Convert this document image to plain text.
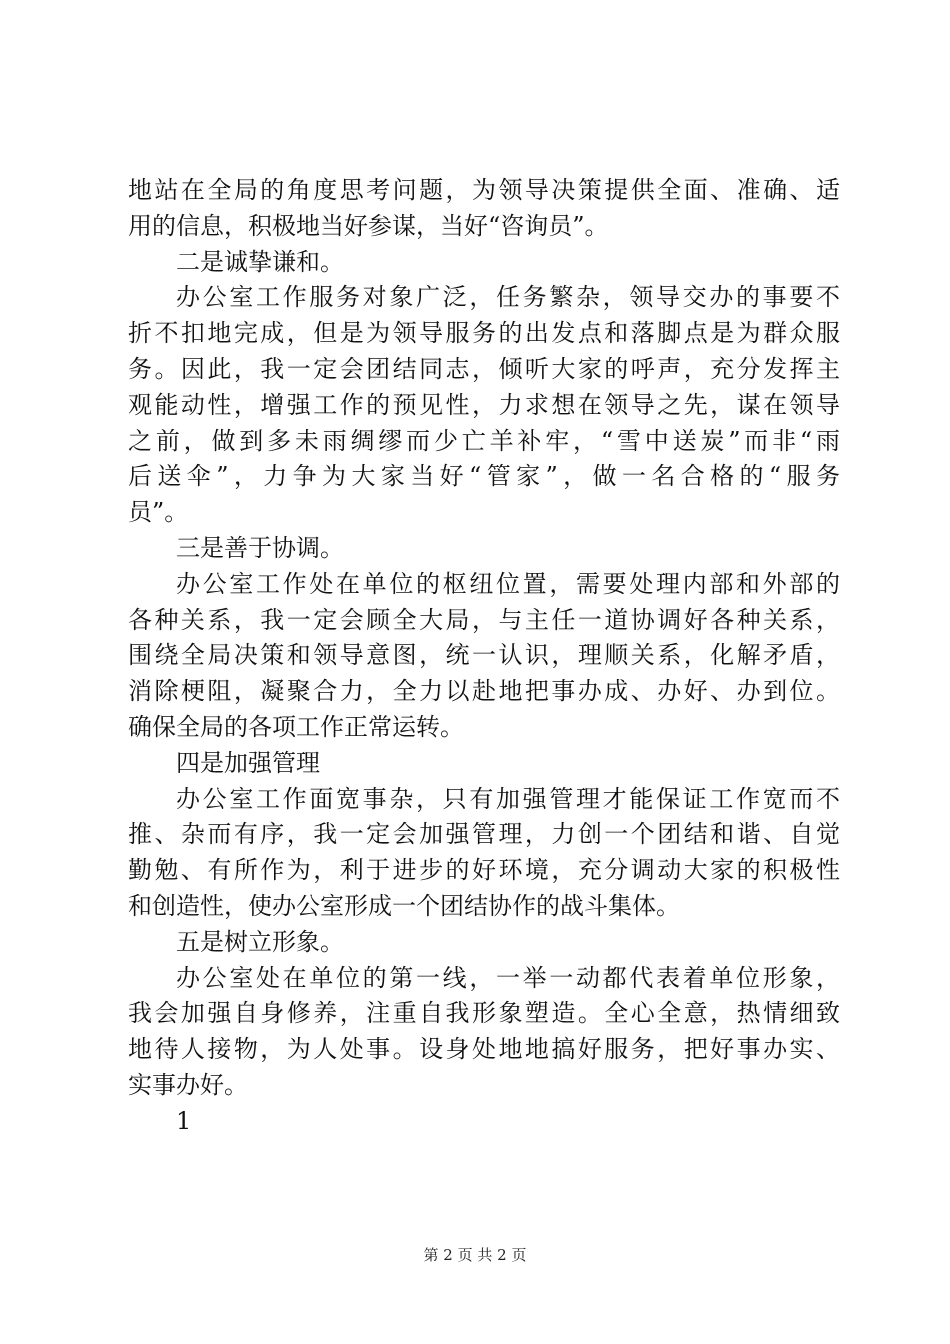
地站在全局的角度思考问题，为领导决策提供全面、准确、适
用的信息，积极地当好参谋，当好“咨询员”。
二是诚挚谦和。
办公室工作服务对象广泛，任务繁杂，领导交办的事要不
折不扣地完成，但是为领导服务的出发点和落脚点是为群众服
务。因此，我一定会团结同志，倾听大家的呼声，充分发挥主
观能动性，增强工作的预见性，力求想在领导之先，谋在领导
之前，做到多未雨绸缪而少亡羊补牢，“雪中送炭”而非“雨
后送伞”，力争为大家当好“管家”，做一名合格的“服务
员”。
三是善于协调。
办公室工作处在单位的枢纽位置，需要处理内部和外部的
各种关系，我一定会顾全大局，与主任一道协调好各种关系，
围绕全局决策和领导意图，统一认识，理顺关系，化解矛盾，
消除梗阻，凝聚合力，全力以赴地把事办成、办好、办到位。
确保全局的各项工作正常运转。
四是加强管理
办公室工作面宽事杂，只有加强管理才能保证工作宽而不
推、杂而有序，我一定会加强管理，力创一个团结和谐、自觉
勤勉、有所作为，利于进步的好环境，充分调动大家的积极性
和创造性，使办公室形成一个团结协作的战斗集体。
五是树立形象。
办公室处在单位的第一线，一举一动都代表着单位形象，
我会加强自身修养，注重自我形象塑造。全心全意，热情细致
地待人接物，为人处事。设身处地地搞好服务，把好事办实、
实事办好。
1
第 2 页 共 2 页
